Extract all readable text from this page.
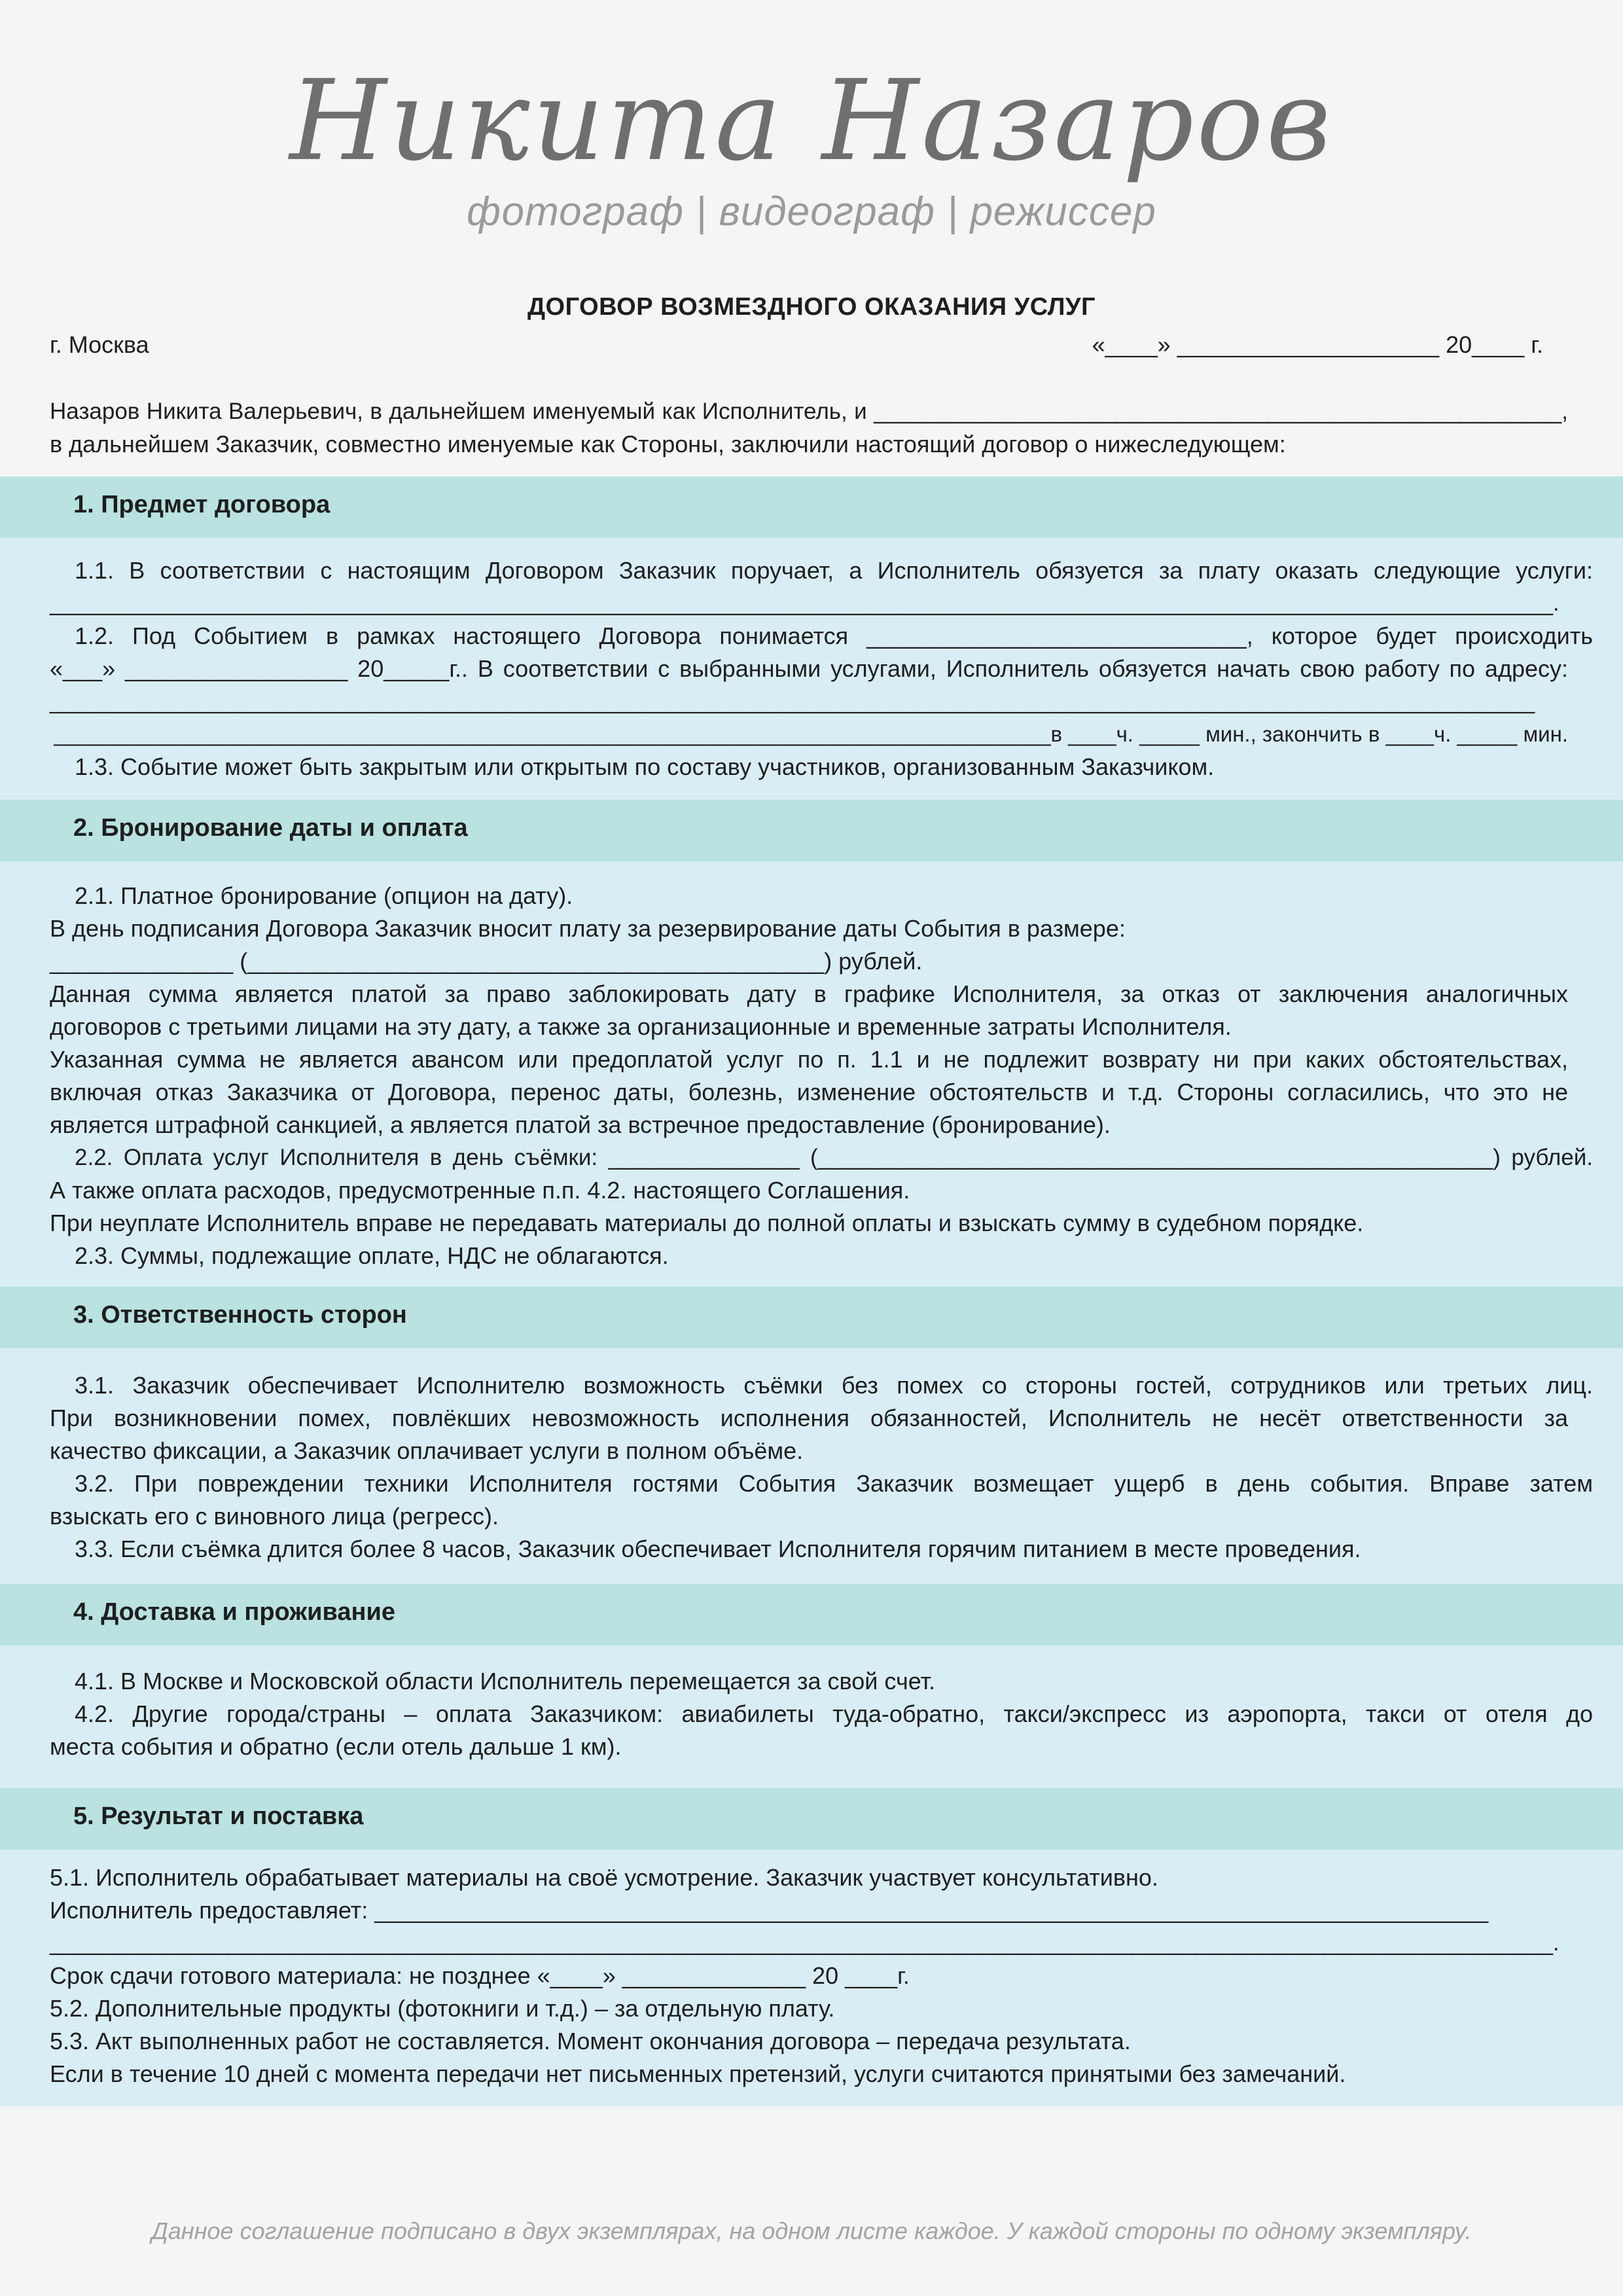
Никита Назаров
фотограф | видеограф | режиссер
ДОГОВОР ВОЗМЕЗДНОГО ОКАЗАНИЯ УСЛУГ
г. Москва	«____» ____________________ 20____ г.
Назаров Никита Валерьевич, в дальнейшем именуемый как Исполнитель, и ______________________________________________________,
в дальнейшем Заказчик, совместно именуемые как Стороны, заключили настоящий договор о нижеследующем:
1. Предмет договора
1.1. В соответствии с настоящим Договором Заказчик поручает, а Исполнитель обязуется за плату оказать следующие услуги:
______________________________________________________________________________________________________________________.
1.2. Под Событием в рамках настоящего Договора понимается _____________________________, которое будет происходить
«___» _________________ 20_____г.. В соответствии с выбранными услугами, Исполнитель обязуется начать свою работу по адресу:
________________________________________________________________________________________________________________________
___________________________________________________________________________________в ____ч. _____ мин., закончить в ____ч. _____ мин.
1.3. Событие может быть закрытым или открытым по составу участников, организованным Заказчиком.
2. Бронирование даты и оплата
2.1. Платное бронирование (опцион на дату).
В день подписания Договора Заказчик вносит плату за резервирование даты События в размере:
______________ (____________________________________________) рублей.
Данная сумма является платой за право заблокировать дату в графике Исполнителя, за отказ от заключения аналогичных
договоров с третьими лицами на эту дату, а также за организационные и временные затраты Исполнителя.
Указанная сумма не является авансом или предоплатой услуг по п. 1.1 и не подлежит возврату ни при каких обстоятельствах,
включая отказ Заказчика от Договора, перенос даты, болезнь, изменение обстоятельств и т.д. Стороны согласились, что это не
является штрафной санкцией, а является платой за встречное предоставление (бронирование).
2.2. Оплата услуг Исполнителя в день съёмки: _______________ (_____________________________________________________) рублей.
А также оплата расходов, предусмотренные п.п. 4.2. настоящего Соглашения.
При неуплате Исполнитель вправе не передавать материалы до полной оплаты и взыскать сумму в судебном порядке.
2.3. Суммы, подлежащие оплате, НДС не облагаются.
3. Ответственность сторон
3.1. Заказчик обеспечивает Исполнителю возможность съёмки без помех со стороны гостей, сотрудников или третьих лиц.
При возникновении помех, повлёкших невозможность исполнения обязанностей, Исполнитель не несёт ответственности за
качество фиксации, а Заказчик оплачивает услуги в полном объёме.
3.2. При повреждении техники Исполнителя гостями События Заказчик возмещает ущерб в день события. Вправе затем
взыскать его с виновного лица (регресс).
3.3. Если съёмка длится более 8 часов, Заказчик обеспечивает Исполнителя горячим питанием в месте проведения.
4. Доставка и проживание
4.1. В Москве и Московской области Исполнитель перемещается за свой счет.
4.2. Другие города/страны – оплата Заказчиком: авиабилеты туда-обратно, такси/экспресс из аэропорта, такси от отеля до
места события и обратно (если отель дальше 1 км).
5. Результат и поставка
5.1. Исполнитель обрабатывает материалы на своё усмотрение. Заказчик участвует консультативно.
Исполнитель предоставляет: _____________________________________________________________________________________
______________________________________________________________________________________________________________________.
Срок сдачи готового материала: не позднее «____» ______________ 20 ____г.
5.2. Дополнительные продукты (фотокниги и т.д.) – за отдельную плату.
5.3. Акт выполненных работ не составляется. Момент окончания договора – передача результата.
Если в течение 10 дней с момента передачи нет письменных претензий, услуги считаются принятыми без замечаний.
Данное соглашение подписано в двух экземплярах, на одном листе каждое. У каждой стороны по одному экземпляру.
